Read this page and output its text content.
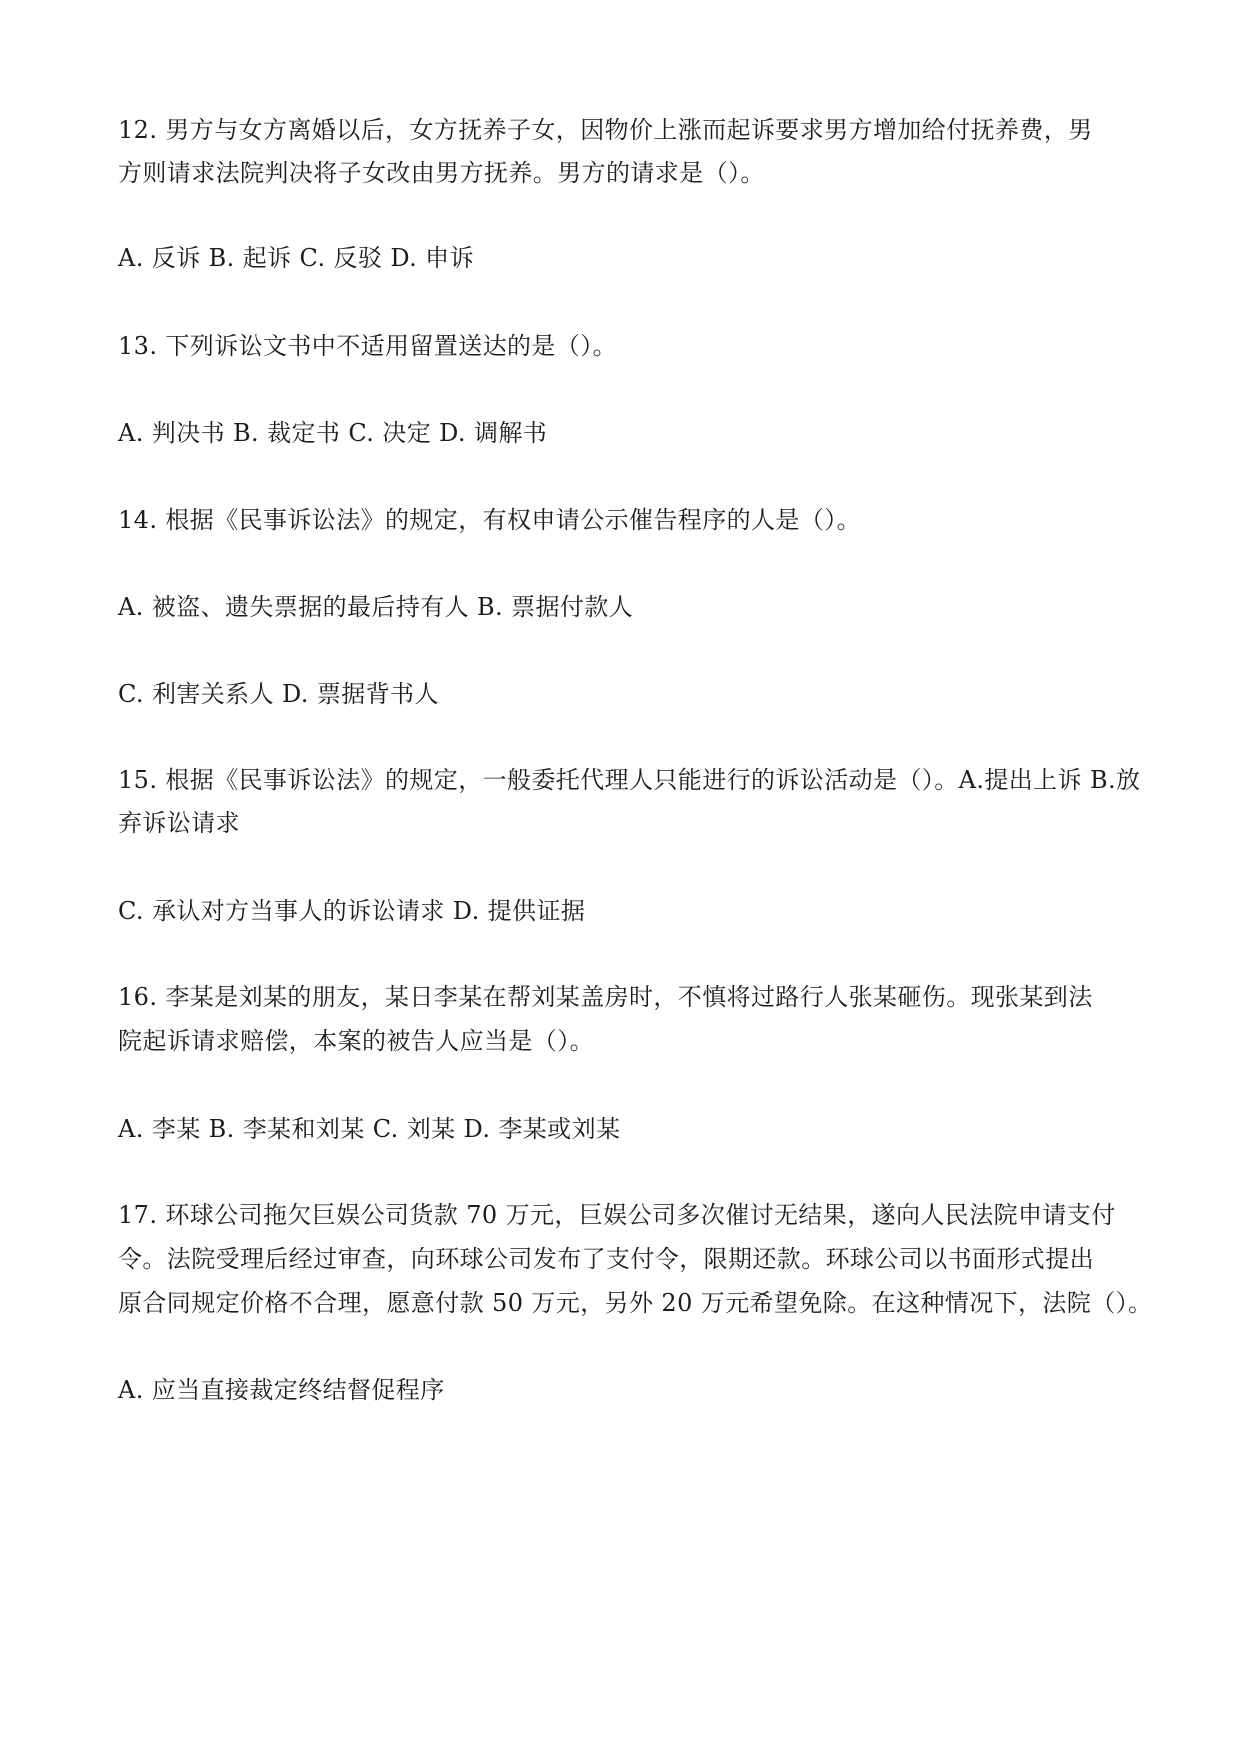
12. 男方与女方离婚以后，女方抚养子女，因物价上涨而起诉要求男方增加给付抚养费，男
方则请求法院判决将子女改由男方抚养。男方的请求是（）。
A. 反诉 B. 起诉 C. 反驳 D. 申诉
13. 下列诉讼文书中不适用留置送达的是（）。
A. 判决书 B. 裁定书 C. 决定 D. 调解书
14. 根据《民事诉讼法》的规定，有权申请公示催告程序的人是（）。
A. 被盗、遗失票据的最后持有人 B. 票据付款人
C. 利害关系人 D. 票据背书人
15. 根据《民事诉讼法》的规定，一般委托代理人只能进行的诉讼活动是（）。A.提出上诉 B.放
弃诉讼请求
C. 承认对方当事人的诉讼请求 D. 提供证据
16. 李某是刘某的朋友，某日李某在帮刘某盖房时，不慎将过路行人张某砸伤。现张某到法
院起诉请求赔偿，本案的被告人应当是（）。
A. 李某 B. 李某和刘某 C. 刘某 D. 李某或刘某
17. 环球公司拖欠巨娱公司货款 70 万元，巨娱公司多次催讨无结果，遂向人民法院申请支付
令。法院受理后经过审查，向环球公司发布了支付令，限期还款。环球公司以书面形式提出
原合同规定价格不合理，愿意付款 50 万元，另外 20 万元希望免除。在这种情况下，法院（）。
A. 应当直接裁定终结督促程序
